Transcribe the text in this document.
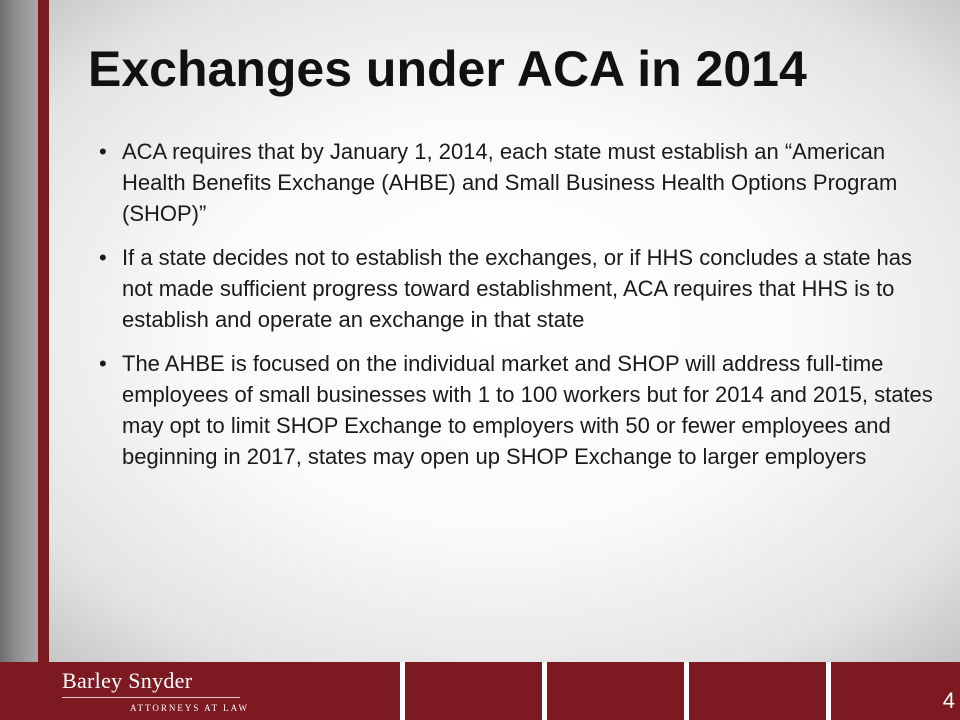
Exchanges under ACA in 2014
• ACA requires that by January 1, 2014, each state must establish an “American Health Benefits Exchange (AHBE) and Small Business Health Options Program (SHOP)”
• If a state decides not to establish the exchanges, or if HHS concludes a state has not made sufficient progress toward establishment, ACA requires that HHS is to establish and operate an exchange in that state
• The AHBE is focused on the individual market and SHOP will address full-time employees of small businesses with 1 to 100 workers but for 2014 and 2015, states may opt to limit SHOP Exchange to employers with 50 or fewer employees and beginning in 2017, states may open up SHOP Exchange to larger employers
Barley Snyder
ATTORNEYS AT LAW	4
